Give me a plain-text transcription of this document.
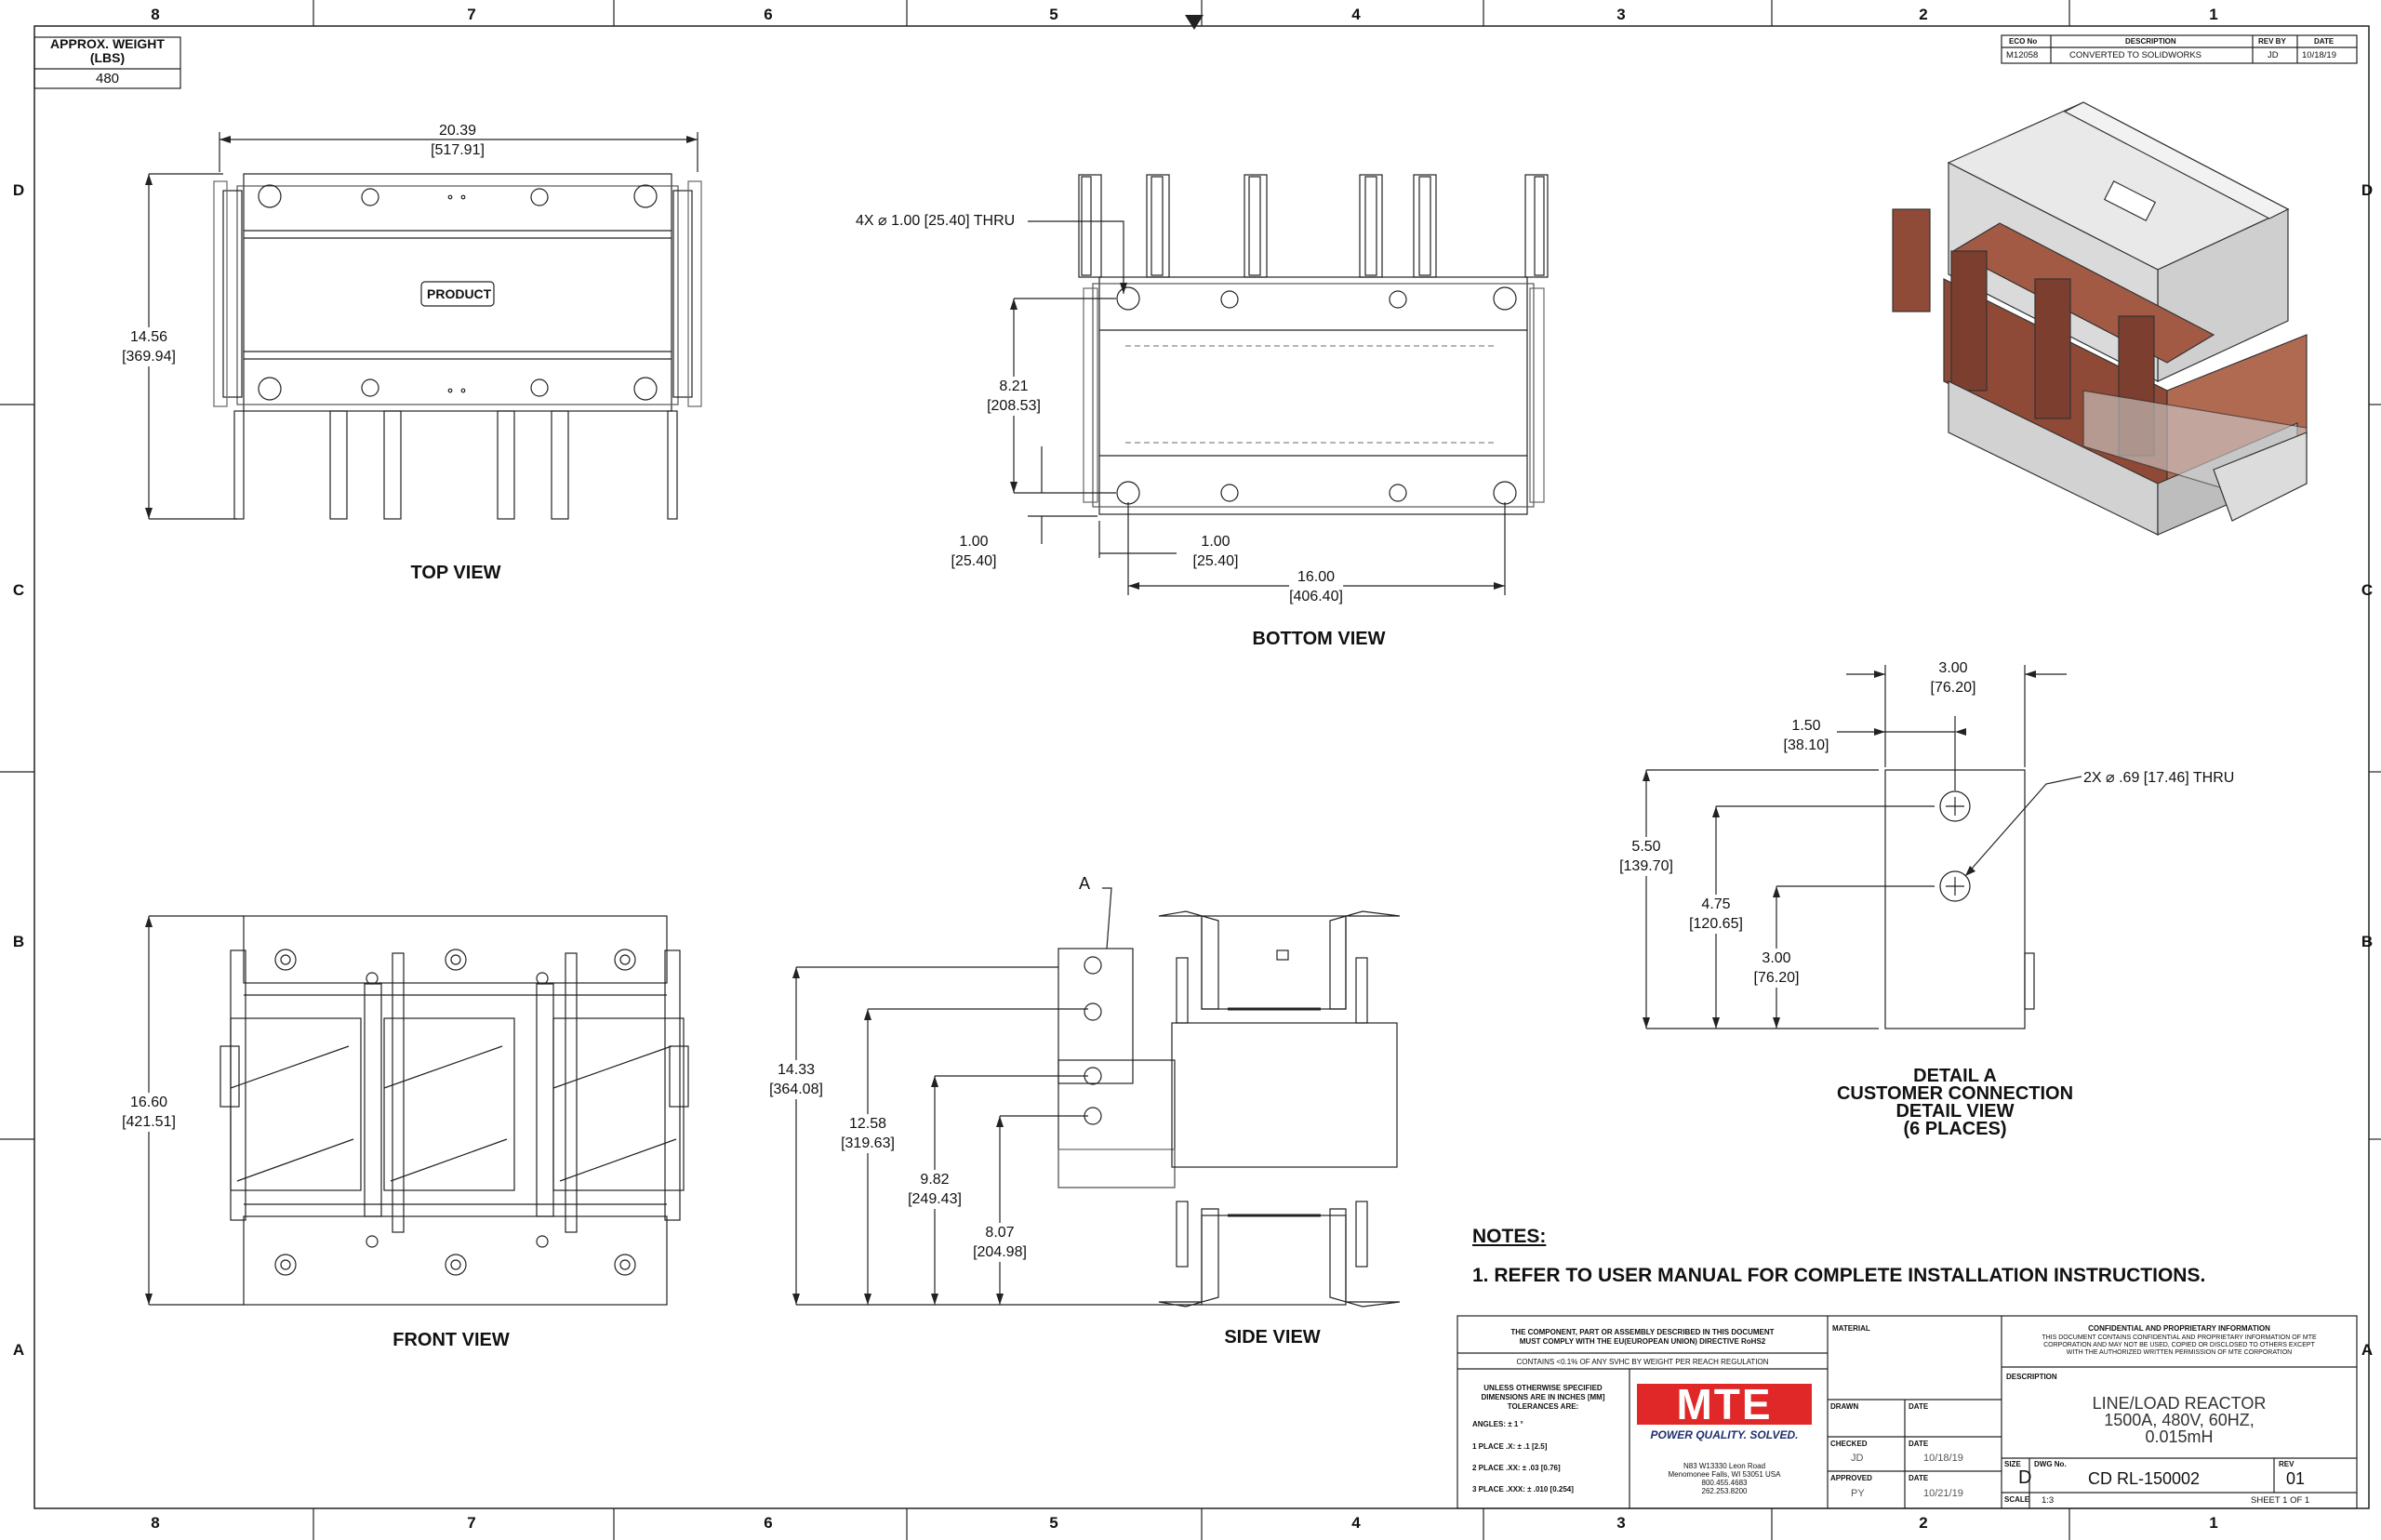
8	7	6	5	4	3	2	1
8	7	6	5	4	3	2	1
D
C
B
A
D
C
B
A
APPROX. WEIGHT
(LBS)
480
ECO No	DESCRIPTION	REV BY	DATE
M12058	CONVERTED TO SOLIDWORKS	JD	10/18/19
TOP VIEW
BOTTOM VIEW
FRONT VIEW	SIDE VIEW
DETAIL A
CUSTOMER CONNECTION
DETAIL VIEW
(6 PLACES)
A
PRODUCT
20.39
[517.91]
14.56
[369.94]
4X ⌀ 1.00 [25.40] THRU
8.21
[208.53]
1.00
[25.40]
1.00
[25.40]
16.00
[406.40]
16.60
[421.51]
14.33
[364.08]
12.58
[319.63]
9.82
[249.43]
8.07
[204.98]
3.00
[76.20]
1.50
[38.10]
2X ⌀ .69 [17.46] THRU
5.50
[139.70]
4.75
[120.65]
3.00
[76.20]
NOTES:
1. REFER TO USER MANUAL FOR COMPLETE INSTALLATION INSTRUCTIONS.
THE COMPONENT, PART OR ASSEMBLY DESCRIBED IN THIS DOCUMENT
MUST COMPLY WITH THE EU(EUROPEAN UNION) DIRECTIVE RoHS2
CONTAINS <0.1% OF ANY SVHC BY WEIGHT PER REACH REGULATION
UNLESS OTHERWISE SPECIFIED
DIMENSIONS ARE IN INCHES [MM]
TOLERANCES ARE:
ANGLES: ± 1 °
1 PLACE .X: ± .1 [2.5]
2 PLACE .XX: ± .03 [0.76]
3 PLACE .XXX: ± .010 [0.254]
MTE
POWER QUALITY. SOLVED.
N83 W13330 Leon Road
Menomonee Falls, WI 53051 USA
800.455.4683
262.253.8200
MATERIAL
DRAWN	DATE
CHECKED	DATE
JD	10/18/19
APPROVED	DATE
PY	10/21/19
CONFIDENTIAL AND PROPRIETARY INFORMATION
THIS DOCUMENT CONTAINS CONFIDENTIAL AND PROPRIETARY INFORMATION OF MTE
CORPORATION AND MAY NOT BE USED, COPIED OR DISCLOSED TO OTHERS EXCEPT
WITH THE AUTHORIZED WRITTEN PERMISSION OF MTE CORPORATION
DESCRIPTION
LINE/LOAD REACTOR
1500A, 480V, 60HZ,
0.015mH
SIZE
D
DWG No.
CD RL-150002
REV
01
SCALE 1:3	SHEET 1 OF 1
